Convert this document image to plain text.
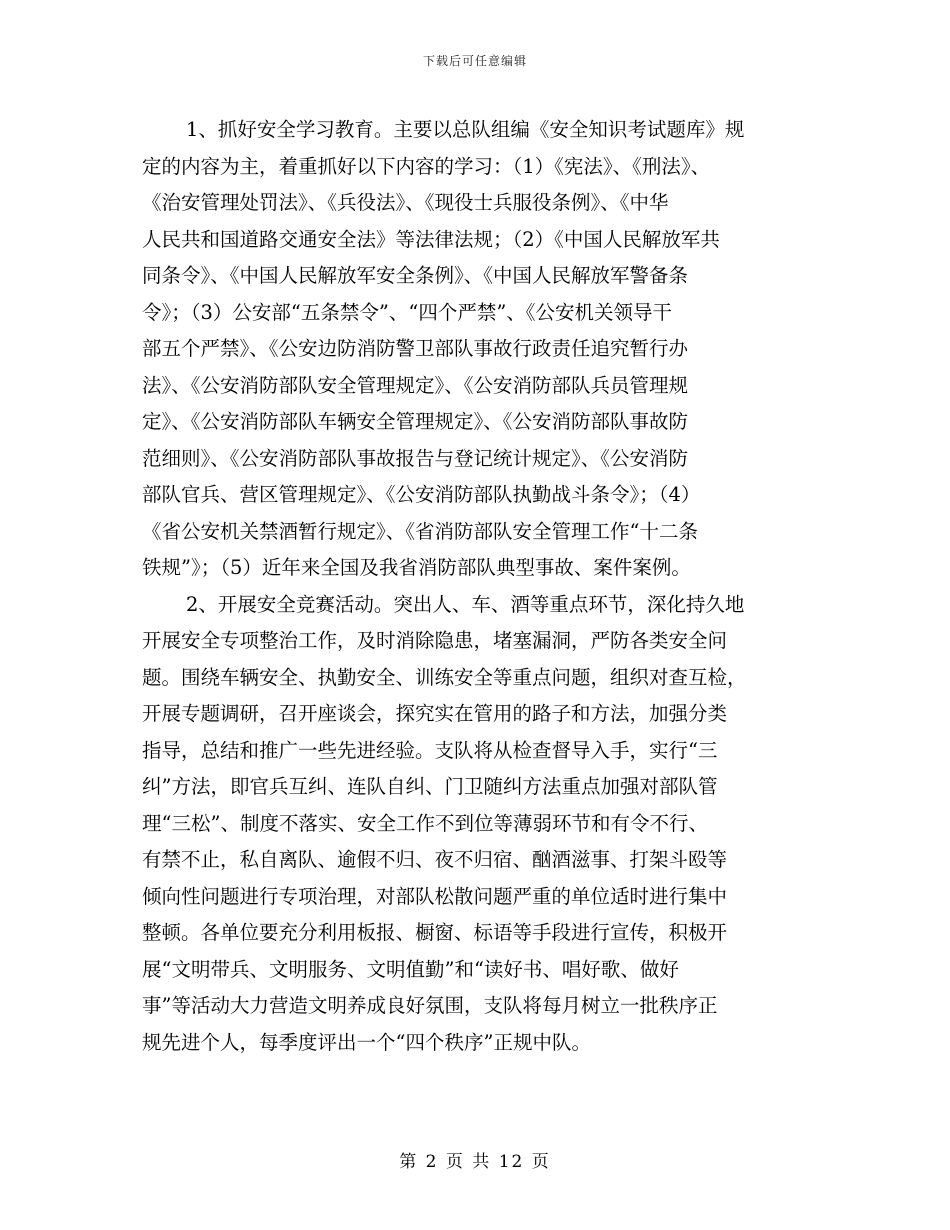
下载后可任意编辑
1、抓好安全学习教育。主要以总队组编《安全知识考试题库》规
定的内容为主，着重抓好以下内容的学习：（1）《宪法》、《刑法》、
《治安管理处罚法》、《兵役法》、《现役士兵服役条例》、《中华
人民共和国道路交通安全法》等法律法规；（2）《中国人民解放军共
同条令》、《中国人民解放军安全条例》、《中国人民解放军警备条
令》；（3）公安部“五条禁令”、“四个严禁”、《公安机关领导干
部五个严禁》、《公安边防消防警卫部队事故行政责任追究暂行办
法》、《公安消防部队安全管理规定》、《公安消防部队兵员管理规
定》、《公安消防部队车辆安全管理规定》、《公安消防部队事故防
范细则》、《公安消防部队事故报告与登记统计规定》、《公安消防
部队官兵、营区管理规定》、《公安消防部队执勤战斗条令》；（4）
《省公安机关禁酒暂行规定》、《省消防部队安全管理工作“十二条
铁规”》；（5）近年来全国及我省消防部队典型事故、案件案例。
2、开展安全竞赛活动。突出人、车、酒等重点环节，深化持久地
开展安全专项整治工作，及时消除隐患，堵塞漏洞，严防各类安全问
题。围绕车辆安全、执勤安全、训练安全等重点问题，组织对查互检，
开展专题调研，召开座谈会，探究实在管用的路子和方法，加强分类
指导，总结和推广一些先进经验。支队将从检查督导入手，实行“三
纠”方法，即官兵互纠、连队自纠、门卫随纠方法重点加强对部队管
理“三松”、制度不落实、安全工作不到位等薄弱环节和有令不行、
有禁不止，私自离队、逾假不归、夜不归宿、酗酒滋事、打架斗殴等
倾向性问题进行专项治理，对部队松散问题严重的单位适时进行集中
整顿。各单位要充分利用板报、橱窗、标语等手段进行宣传，积极开
展“文明带兵、文明服务、文明值勤”和“读好书、唱好歌、做好
事”等活动大力营造文明养成良好氛围，支队将每月树立一批秩序正
规先进个人，每季度评出一个“四个秩序”正规中队。
第 2 页 共 12 页
